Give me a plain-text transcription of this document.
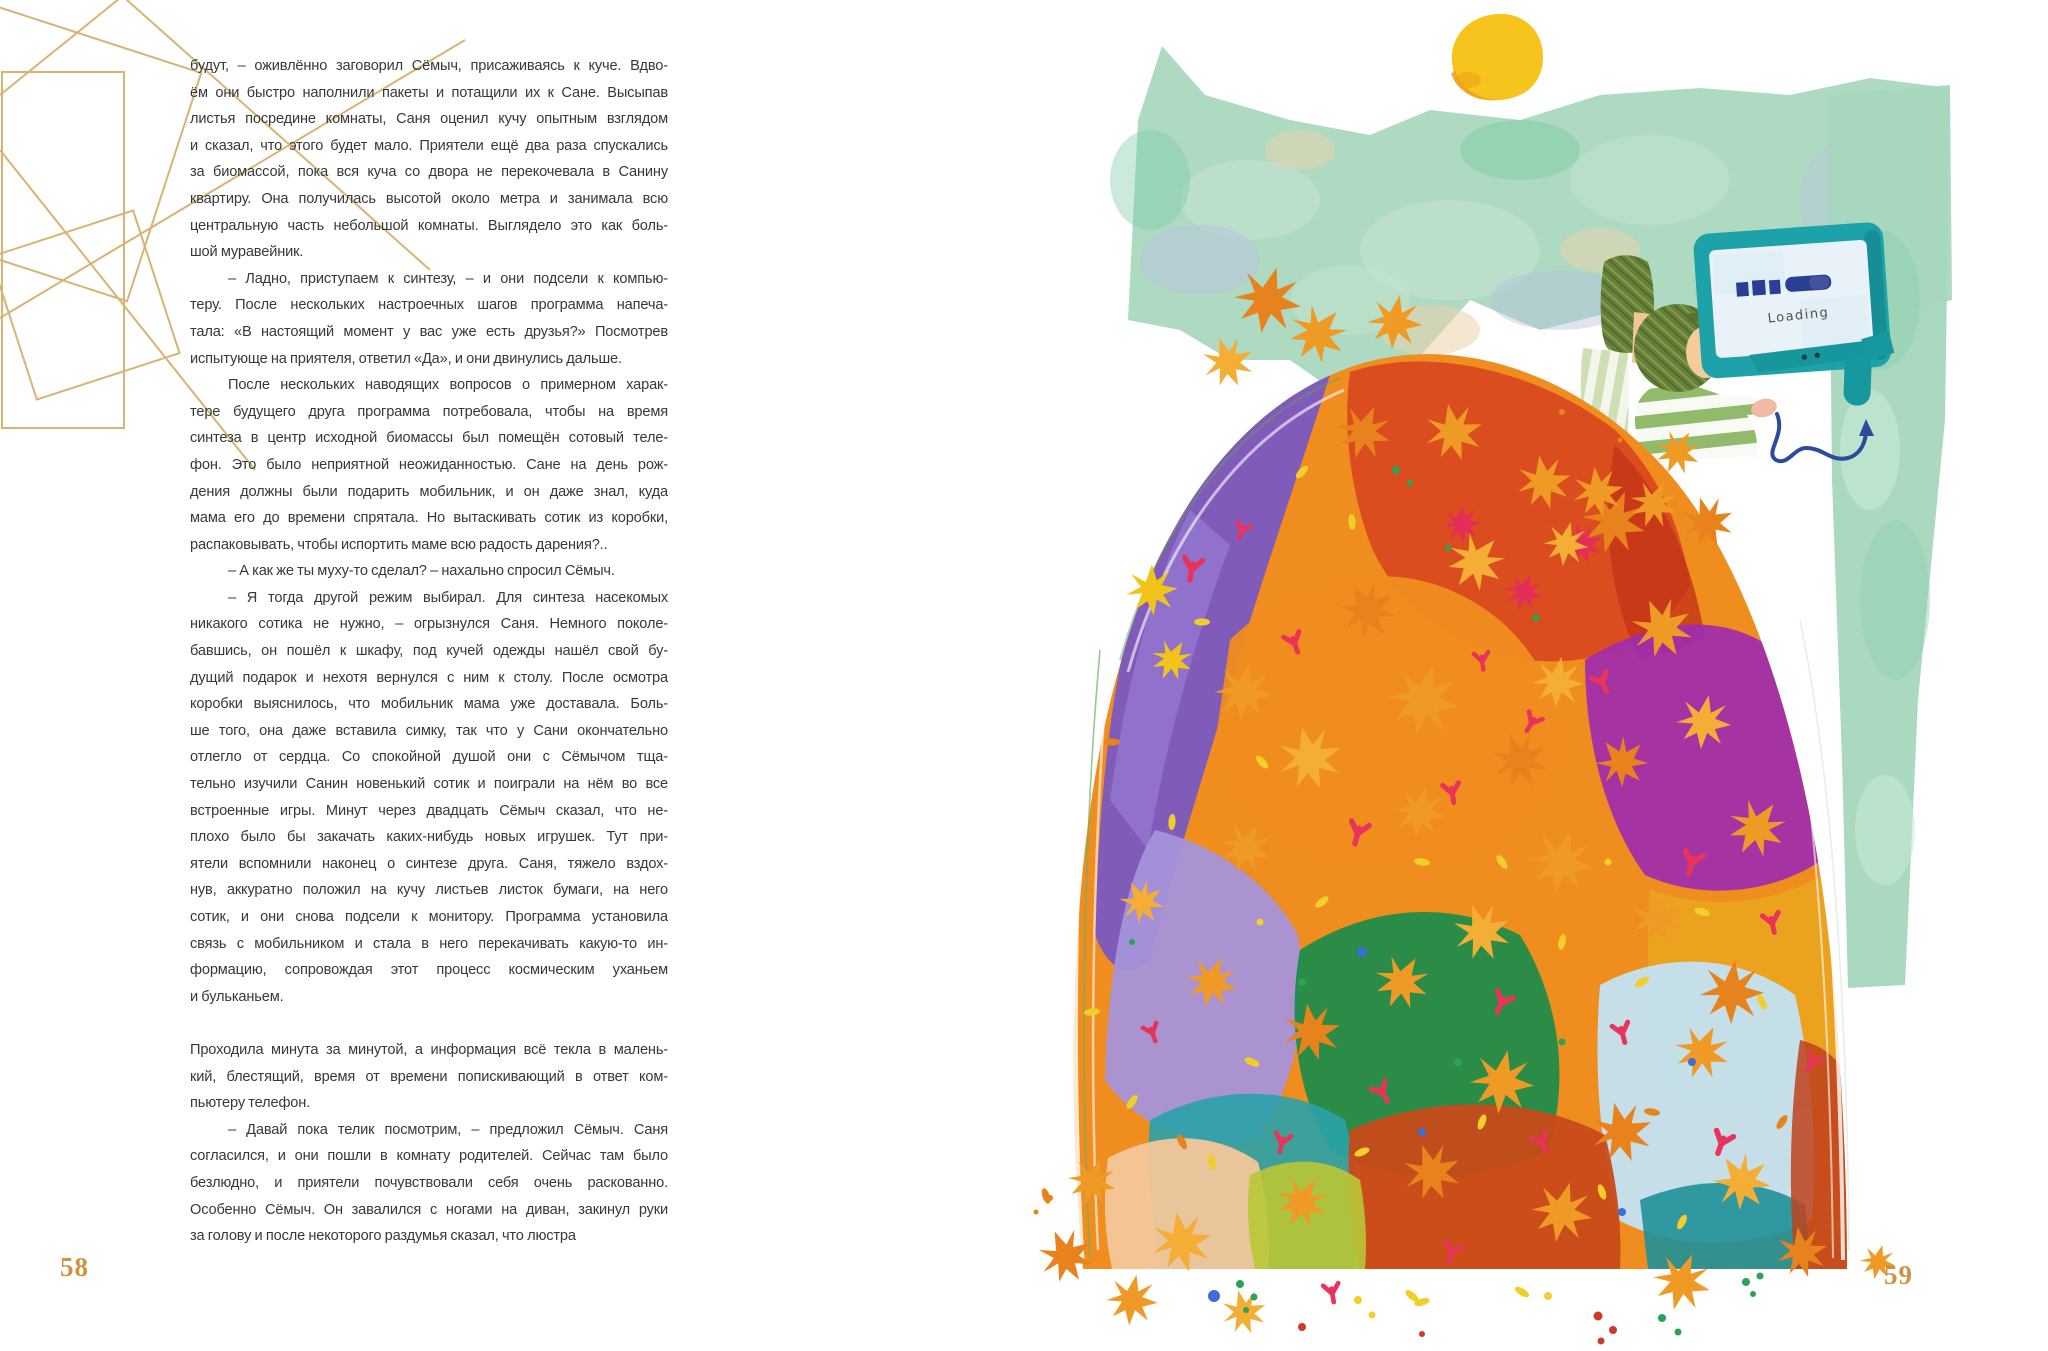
Loading
будут, – оживлённо заговорил Сёмыч, присаживаясь к куче. Вдво-
ём они быстро наполнили пакеты и потащили их к Сане. Высыпав
листья посредине комнаты, Саня оценил кучу опытным взглядом
и сказал, что этого будет мало. Приятели ещё два раза спускались
за биомассой, пока вся куча со двора не перекочевала в Санину
квартиру. Она получилась высотой около метра и занимала всю
центральную часть небольшой комнаты. Выглядело это как боль-
шой муравейник.
– Ладно, приступаем к синтезу, – и они подсели к компью-
теру. После нескольких настроечных шагов программа напеча-
тала: «В настоящий момент у вас уже есть друзья?» Посмотрев
испытующе на приятеля, ответил «Да», и они двинулись дальше.
После нескольких наводящих вопросов о примерном харак-
тере будущего друга программа потребовала, чтобы на время
синтеза в центр исходной биомассы был помещён сотовый теле-
фон. Это было неприятной неожиданностью. Сане на день рож-
дения должны были подарить мобильник, и он даже знал, куда
мама его до времени спрятала. Но вытаскивать сотик из коробки,
распаковывать, чтобы испортить маме всю радость дарения?..
– А как же ты муху-то сделал? – нахально спросил Сёмыч.
– Я тогда другой режим выбирал. Для синтеза насекомых
никакого сотика не нужно, – огрызнулся Саня. Немного поколе-
бавшись, он пошёл к шкафу, под кучей одежды нашёл свой бу-
дущий подарок и нехотя вернулся с ним к столу. После осмотра
коробки выяснилось, что мобильник мама уже доставала. Боль-
ше того, она даже вставила симку, так что у Сани окончательно
отлегло от сердца. Со спокойной душой они с Сёмычом тща-
тельно изучили Санин новенький сотик и поиграли на нём во все
встроенные игры. Минут через двадцать Сёмыч сказал, что не-
плохо было бы закачать каких-нибудь новых игрушек. Тут при-
ятели вспомнили наконец о синтезе друга. Саня, тяжело вздох-
нув, аккуратно положил на кучу листьев листок бумаги, на него
сотик, и они снова подсели к монитору. Программа установила
связь с мобильником и стала в него перекачивать какую-то ин-
формацию, сопровождая этот процесс космическим уханьем
и бульканьем.
Проходила минута за минутой, а информация всё текла в малень-
кий, блестящий, время от времени попискивающий в ответ ком-
пьютеру телефон.
– Давай пока телик посмотрим, – предложил Сёмыч. Саня
согласился, и они пошли в комнату родителей. Сейчас там было
безлюдно, и приятели почувствовали себя очень раскованно.
Особенно Сёмыч. Он завалился с ногами на диван, закинул руки
за голову и после некоторого раздумья сказал, что люстра
58	59
